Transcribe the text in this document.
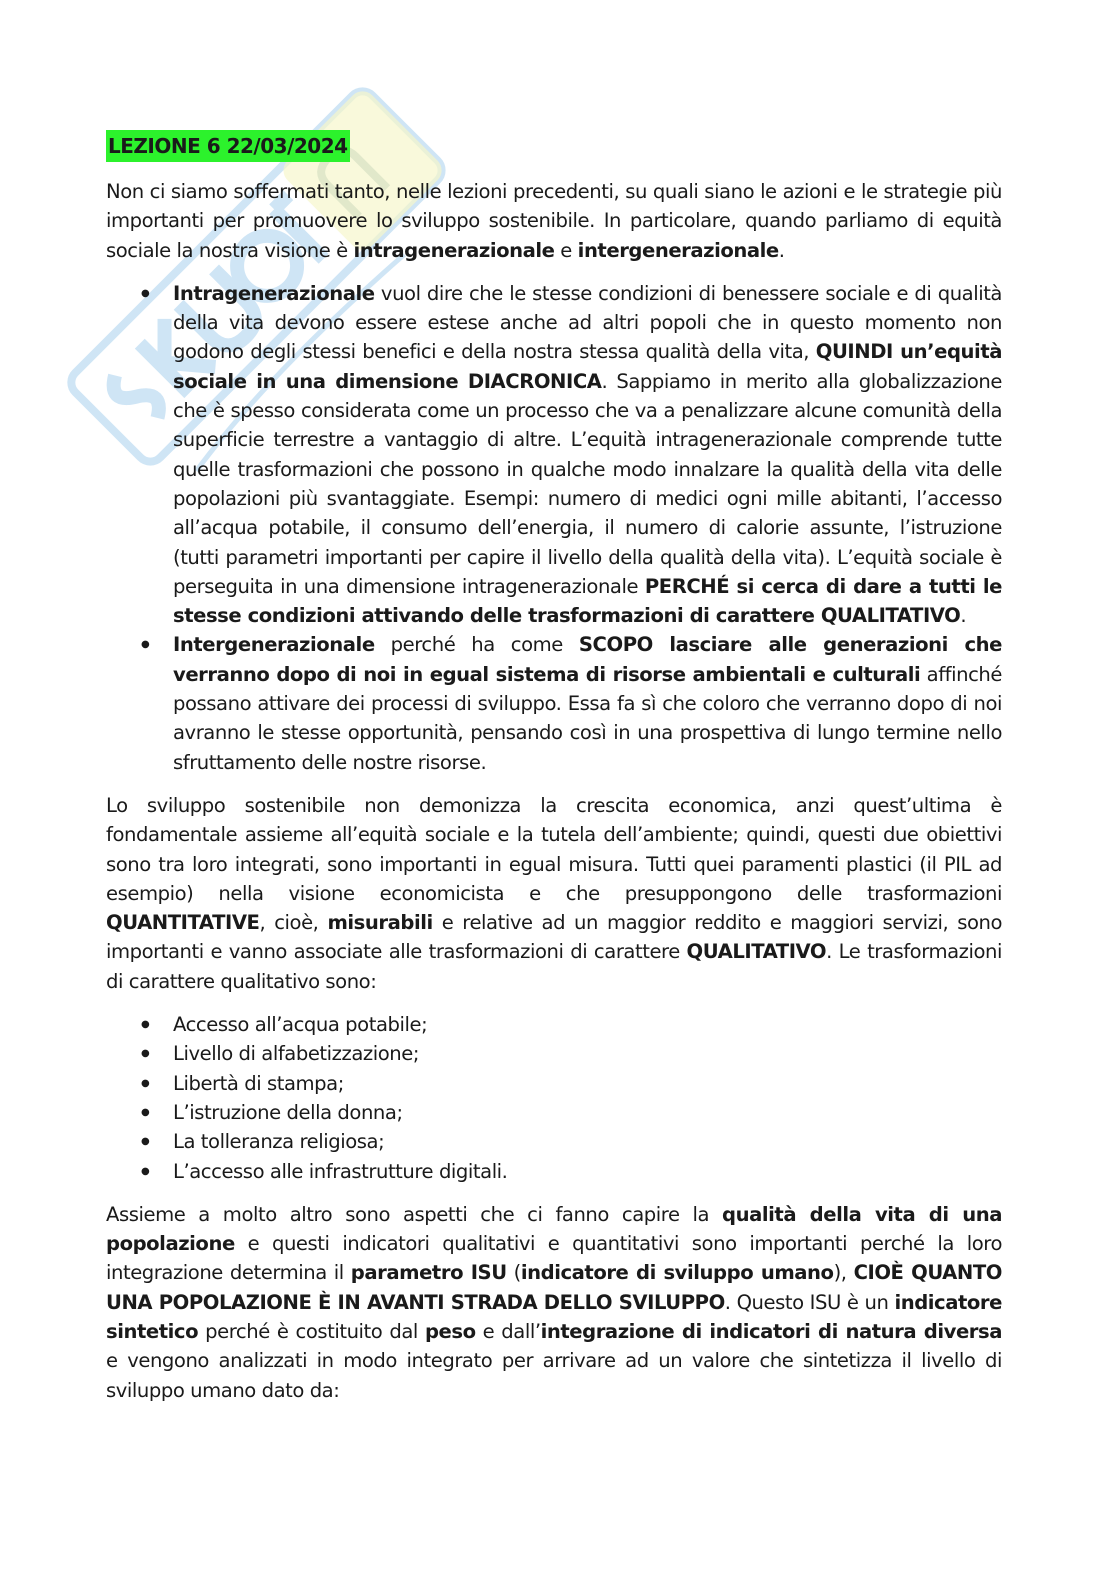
LEZIONE 6 22/03/2024

Non ci siamo soffermati tanto, nelle lezioni precedenti, su quali siano le azioni e le strategie più importanti per promuovere lo sviluppo sostenibile. In particolare, quando parliamo di equità sociale la nostra visione è intragenerazionale e intergenerazionale.

● Intragenerazionale vuol dire che le stesse condizioni di benessere sociale e di qualità della vita devono essere estese anche ad altri popoli che in questo momento non godono degli stessi benefici e della nostra stessa qualità della vita, QUINDI un’equità sociale in una dimensione DIACRONICA. Sappiamo in merito alla globalizzazione che è spesso considerata come un processo che va a penalizzare alcune comunità della superficie terrestre a vantaggio di altre. L’equità intragenerazionale comprende tutte quelle trasformazioni che possono in qualche modo innalzare la qualità della vita delle popolazioni più svantaggiate. Esempi: numero di medici ogni mille abitanti, l’accesso all’acqua potabile, il consumo dell’energia, il numero di calorie assunte, l’istruzione (tutti parametri importanti per capire il livello della qualità della vita). L’equità sociale è perseguita in una dimensione intragenerazionale PERCHÉ si cerca di dare a tutti le stesse condizioni attivando delle trasformazioni di carattere QUALITATIVO.
● Intergenerazionale perché ha come SCOPO lasciare alle generazioni che verranno dopo di noi in egual sistema di risorse ambientali e culturali affinché possano attivare dei processi di sviluppo. Essa fa sì che coloro che verranno dopo di noi avranno le stesse opportunità, pensando così in una prospettiva di lungo termine nello sfruttamento delle nostre risorse.

Lo sviluppo sostenibile non demonizza la crescita economica, anzi quest’ultima è fondamentale assieme all’equità sociale e la tutela dell’ambiente; quindi, questi due obiettivi sono tra loro integrati, sono importanti in egual misura. Tutti quei paramenti plastici (il PIL ad esempio) nella visione economicista e che presuppongono delle trasformazioni QUANTITATIVE, cioè, misurabili e relative ad un maggior reddito e maggiori servizi, sono importanti e vanno associate alle trasformazioni di carattere QUALITATIVO. Le trasformazioni di carattere qualitativo sono:

● Accesso all’acqua potabile;
● Livello di alfabetizzazione;
● Libertà di stampa;
● L’istruzione della donna;
● La tolleranza religiosa;
● L’accesso alle infrastrutture digitali.

Assieme a molto altro sono aspetti che ci fanno capire la qualità della vita di una popolazione e questi indicatori qualitativi e quantitativi sono importanti perché la loro integrazione determina il parametro ISU (indicatore di sviluppo umano), CIOÈ QUANTO UNA POPOLAZIONE È IN AVANTI STRADA DELLO SVILUPPO. Questo ISU è un indicatore sintetico perché è costituito dal peso e dall’integrazione di indicatori di natura diversa e vengono analizzati in modo integrato per arrivare ad un valore che sintetizza il livello di sviluppo umano dato da:
